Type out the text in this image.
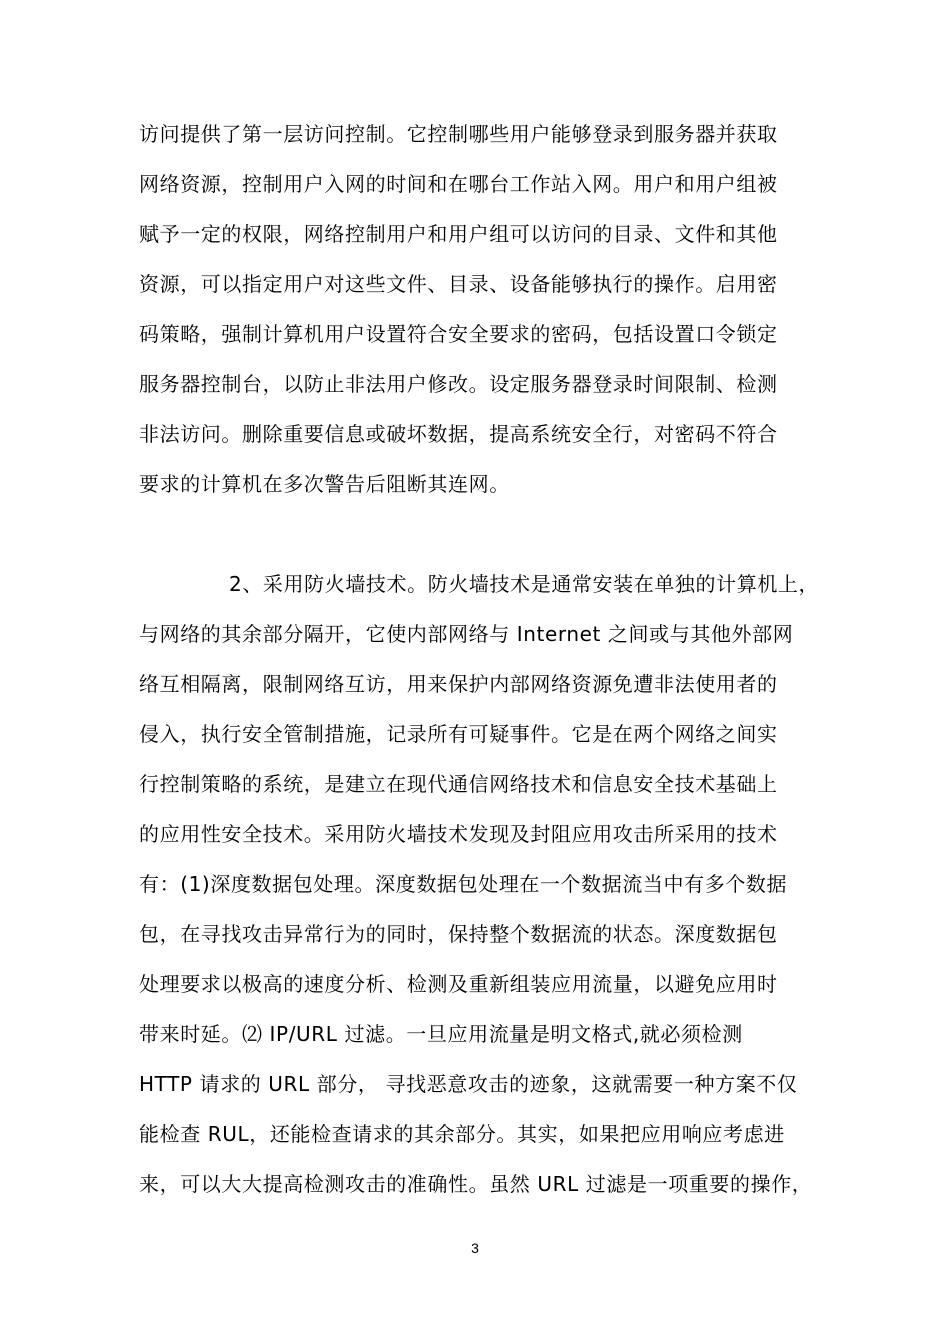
访问提供了第一层访问控制。它控制哪些用户能够登录到服务器并获取
网络资源，控制用户入网的时间和在哪台工作站入网。用户和用户组被
赋予一定的权限，网络控制用户和用户组可以访问的目录、文件和其他
资源，可以指定用户对这些文件、目录、设备能够执行的操作。启用密
码策略，强制计算机用户设置符合安全要求的密码，包括设置口令锁定
服务器控制台，以防止非法用户修改。设定服务器登录时间限制、检测
非法访问。删除重要信息或破坏数据，提高系统安全行，对密码不符合
要求的计算机在多次警告后阻断其连网。
2、采用防火墙技术。防火墙技术是通常安装在单独的计算机上，
与网络的其余部分隔开，它使内部网络与 Internet 之间或与其他外部网
络互相隔离，限制网络互访，用来保护内部网络资源免遭非法使用者的
侵入，执行安全管制措施，记录所有可疑事件。它是在两个网络之间实
行控制策略的系统，是建立在现代通信网络技术和信息安全技术基础上
的应用性安全技术。采用防火墙技术发现及封阻应用攻击所采用的技术
有：(1)深度数据包处理。深度数据包处理在一个数据流当中有多个数据
包，在寻找攻击异常行为的同时，保持整个数据流的状态。深度数据包
处理要求以极高的速度分析、检测及重新组装应用流量，以避免应用时
带来时延。⑵ IP/URL 过滤。一旦应用流量是明文格式,就必须检测
HTTP 请求的 URL 部分， 寻找恶意攻击的迹象，这就需要一种方案不仅
能检查 RUL，还能检查请求的其余部分。其实，如果把应用响应考虑进
来，可以大大提高检测攻击的准确性。虽然 URL 过滤是一项重要的操作，
3
